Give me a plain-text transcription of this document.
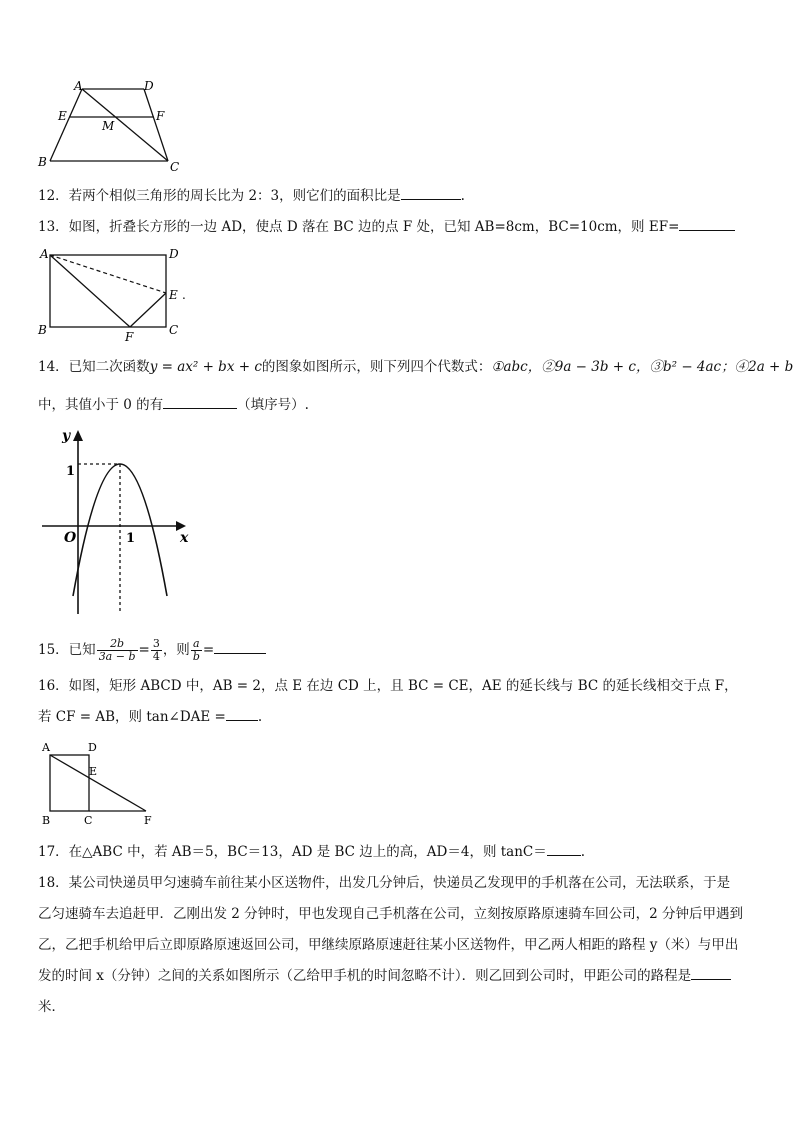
A	D
E	F
M
B	C
12．若两个相似三角形的周长比为 2：3，则它们的面积比是	.
13．如图，折叠长方形的一边 AD，使点 D 落在 BC 边的点 F 处，已知 AB=8cm，BC=10cm，则 EF=
A	D
E .
B	F	C
14．已知二次函数y = ax² + bx + c的图象如图所示，则下列四个代数式：①abc，②9a − 3b + c，③b² − 4ac；④2a + b
中，其值小于 0 的有	（填序号）.
y
x
O
1
1
15．已知 $\frac{2b}{3a - b} = \frac{3}{4}$ ，则 $\frac{a}{b}$ =
16．如图，矩形 ABCD 中，AB = 2，点 E 在边 CD 上，且 BC = CE，AE 的延长线与 BC 的延长线相交于点 F，
若 CF = AB，则 tan∠DAE = .
A	D
E
B	C	F
17．在△ABC 中，若 AB＝5，BC＝13，AD 是 BC 边上的高，AD＝4，则 tanC＝	.
18．某公司快递员甲匀速骑车前往某小区送物件，出发几分钟后，快递员乙发现甲的手机落在公司，无法联系，于是
乙匀速骑车去追赶甲．乙刚出发 2 分钟时，甲也发现自己手机落在公司，立刻按原路原速骑车回公司，2 分钟后甲遇到
乙，乙把手机给甲后立即原路原速返回公司，甲继续原路原速赶往某小区送物件，甲乙两人相距的路程 y（米）与甲出
发的时间 x（分钟）之间的关系如图所示（乙给甲手机的时间忽略不计）．则乙回到公司时，甲距公司的路程是
米．
